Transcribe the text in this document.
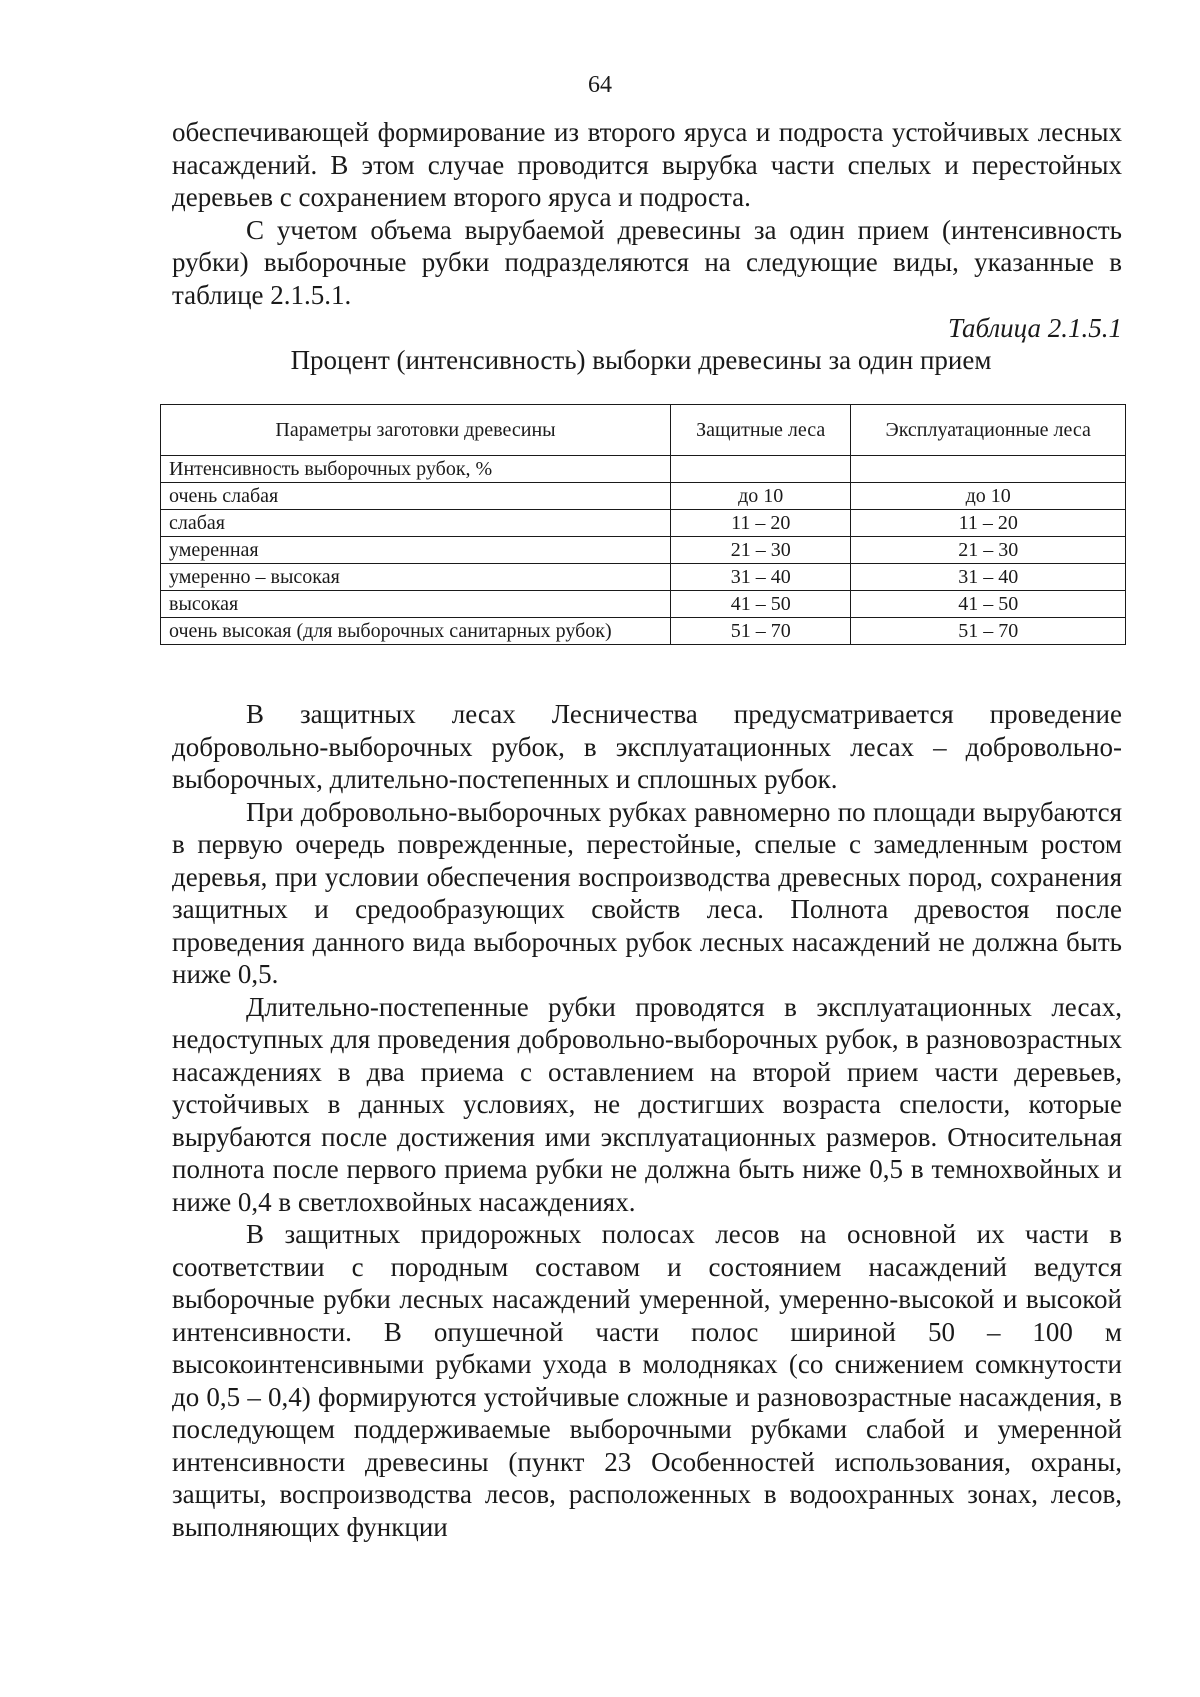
64

обеспечивающей формирование из второго яруса и подроста устойчивых лесных насаждений. В этом случае проводится вырубка части спелых и перестойных деревьев с сохранением второго яруса и подроста.

С учетом объема вырубаемой древесины за один прием (интенсивность рубки) выборочные рубки подразделяются на следующие виды, указанные в таблице 2.1.5.1.

Таблица 2.1.5.1
Процент (интенсивность) выборки древесины за один прием
Параметры заготовки древесины	Защитные леса	Эксплуатационные леса
Интенсивность выборочных рубок, %		
очень слабая	до 10	до 10
слабая	11 – 20	11 – 20
умеренная	21 – 30	21 – 30
умеренно – высокая	31 – 40	31 – 40
высокая	41 – 50	41 – 50
очень высокая (для выборочных санитарных рубок)	51 – 70	51 – 70

В защитных лесах Лесничества предусматривается проведение добровольно-выборочных рубок, в эксплуатационных лесах – добровольно-выборочных, длительно-постепенных и сплошных рубок.

При добровольно-выборочных рубках равномерно по площади вырубаются в первую очередь поврежденные, перестойные, спелые с замедленным ростом деревья, при условии обеспечения воспроизводства древесных пород, сохранения защитных и средообразующих свойств леса. Полнота древостоя после проведения данного вида выборочных рубок лесных насаждений не должна быть ниже 0,5.

Длительно-постепенные рубки проводятся в эксплуатационных лесах, недоступных для проведения добровольно-выборочных рубок, в разновозрастных насаждениях в два приема с оставлением на второй прием части деревьев, устойчивых в данных условиях, не достигших возраста спелости, которые вырубаются после достижения ими эксплуатационных размеров. Относительная полнота после первого приема рубки не должна быть ниже 0,5 в темнохвойных и ниже 0,4 в светлохвойных насаждениях.

В защитных придорожных полосах лесов на основной их части в соответствии с породным составом и состоянием насаждений ведутся выборочные рубки лесных насаждений умеренной, умеренно-высокой и высокой интенсивности. В опушечной части полос шириной 50 – 100 м высокоинтенсивными рубками ухода в молодняках (со снижением сомкнутости до 0,5 – 0,4) формируются устойчивые сложные и разновозрастные насаждения, в последующем поддерживаемые выборочными рубками слабой и умеренной интенсивности древесины (пункт 23 Особенностей использования, охраны, защиты, воспроизводства лесов, расположенных в водоохранных зонах, лесов, выполняющих функции
